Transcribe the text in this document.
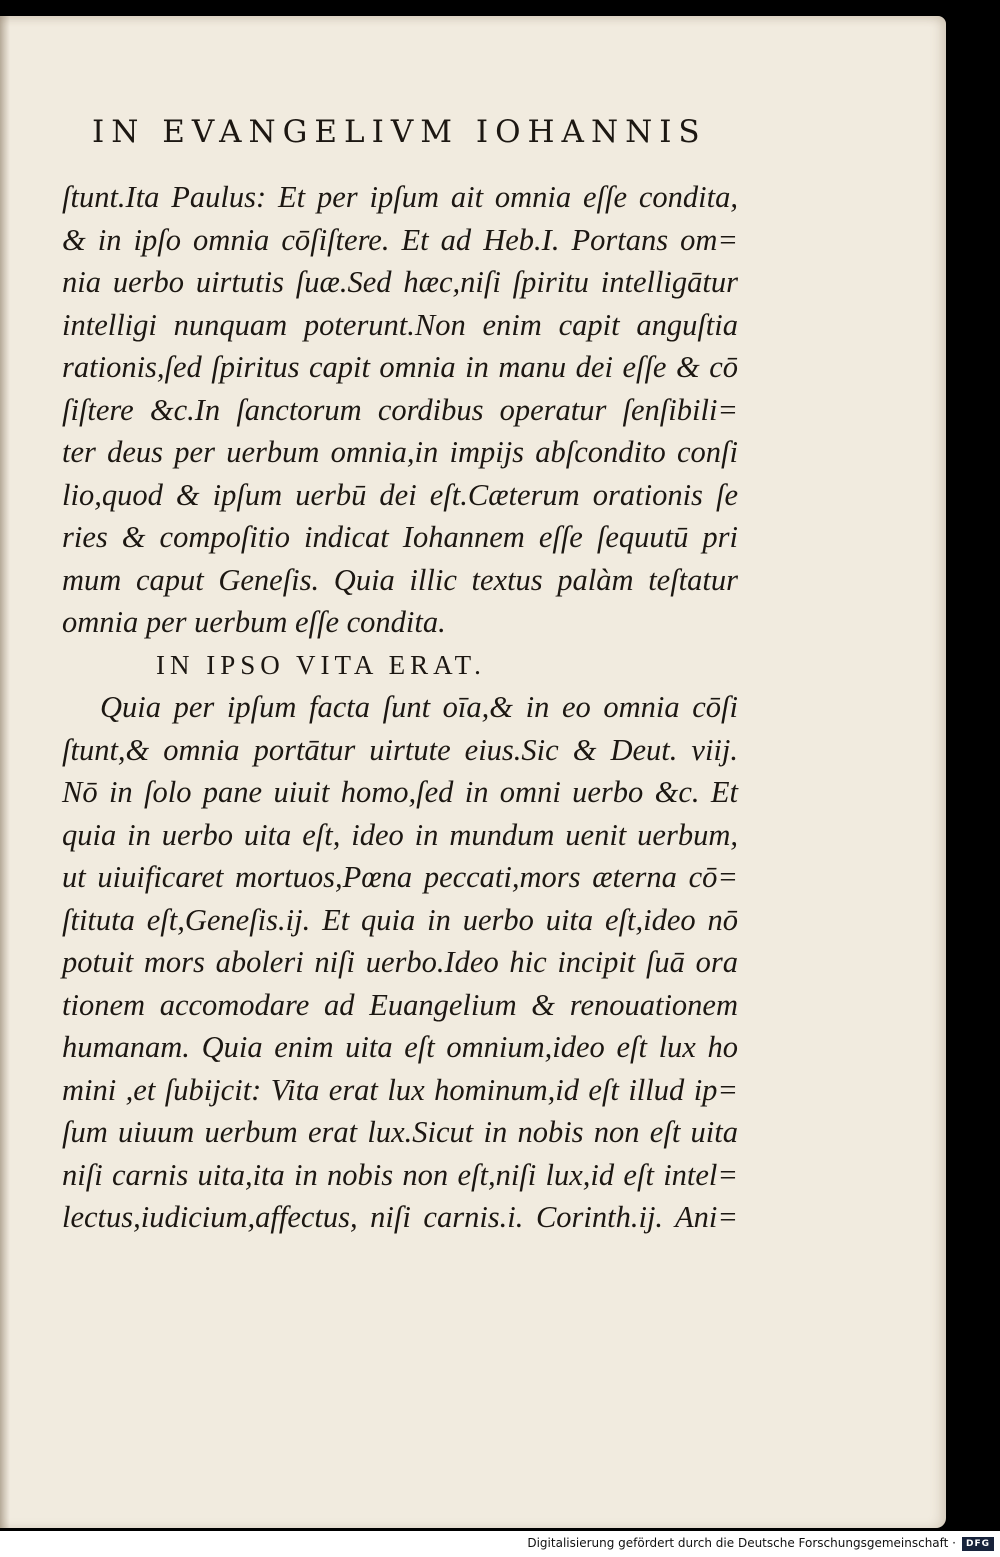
IN EVANGELIVM IOHANNIS
ſtunt.Ita Paulus: Et per ipſum ait omnia eſſe condita,
& in ipſo omnia cōſiſtere. Et ad Heb.I. Portans om=
nia uerbo uirtutis ſuæ.Sed hæc,niſi ſpiritu intelligātur
intelligi nunquam poterunt.Non enim capit anguſtia
rationis,ſed ſpiritus capit omnia in manu dei eſſe & cō
ſiſtere &c.In ſanctorum cordibus operatur ſenſibili=
ter deus per uerbum omnia,in impijs abſcondito conſi
lio,quod & ipſum uerbū dei eſt.Cæterum orationis ſe
ries & compoſitio indicat Iohannem eſſe ſequutū pri
mum caput Geneſis. Quia illic textus palàm teſtatur
omnia per uerbum eſſe condita.
IN IPSO VITA ERAT.
Quia per ipſum facta ſunt oīa,& in eo omnia cōſi
ſtunt,& omnia portātur uirtute eius.Sic & Deut. viij.
Nō in ſolo pane uiuit homo,ſed in omni uerbo &c. Et
quia in uerbo uita eſt, ideo in mundum uenit uerbum,
ut uiuificaret mortuos,Pœna peccati,mors æterna cō=
ſtituta eſt,Geneſis.ij. Et quia in uerbo uita eſt,ideo nō
potuit mors aboleri niſi uerbo.Ideo hic incipit ſuā ora
tionem accomodare ad Euangelium & renouationem
humanam. Quia enim uita eſt omnium,ideo eſt lux ho
mini ,et ſubijcit: Vita erat lux hominum,id eſt illud ip=
ſum uiuum uerbum erat lux.Sicut in nobis non eſt uita
niſi carnis uita,ita in nobis non eſt,niſi lux,id eſt intel=
lectus,iudicium,affectus, niſi carnis.i. Corinth.ij. Ani=
Digitalisierung gefördert durch die Deutsche Forschungsgemeinschaft ·	DFG
